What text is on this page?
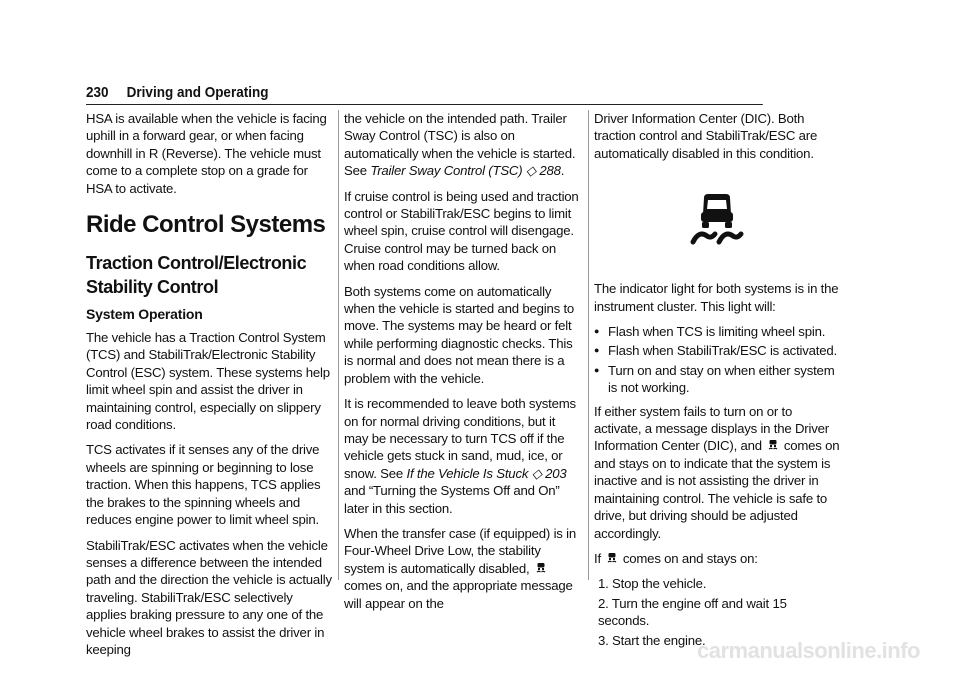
230 Driving and Operating

HSA is available when the vehicle is facing uphill in a forward gear, or when facing downhill in R (Reverse). The vehicle must come to a complete stop on a grade for HSA to activate.

Ride Control Systems
Traction Control/Electronic Stability Control
System Operation

The vehicle has a Traction Control System (TCS) and StabiliTrak/Electronic Stability Control (ESC) system. These systems help limit wheel spin and assist the driver in maintaining control, especially on slippery road conditions.

TCS activates if it senses any of the drive wheels are spinning or beginning to lose traction. When this happens, TCS applies the brakes to the spinning wheels and reduces engine power to limit wheel spin.

StabiliTrak/ESC activates when the vehicle senses a difference between the intended path and the direction the vehicle is actually traveling. StabiliTrak/ESC selectively applies braking pressure to any one of the vehicle wheel brakes to assist the driver in keeping

the vehicle on the intended path. Trailer Sway Control (TSC) is also on automatically when the vehicle is started. See Trailer Sway Control (TSC) ◇ 288.

If cruise control is being used and traction control or StabiliTrak/ESC begins to limit wheel spin, cruise control will disengage. Cruise control may be turned back on when road conditions allow.

Both systems come on automatically when the vehicle is started and begins to move. The systems may be heard or felt while performing diagnostic checks. This is normal and does not mean there is a problem with the vehicle.

It is recommended to leave both systems on for normal driving conditions, but it may be necessary to turn TCS off if the vehicle gets stuck in sand, mud, ice, or snow. See If the Vehicle Is Stuck ◇ 203 and “Turning the Systems Off and On” later in this section.

When the transfer case (if equipped) is in Four-Wheel Drive Low, the stability system is automatically disabled,  comes on, and the appropriate message will appear on the

Driver Information Center (DIC). Both traction control and StabiliTrak/ESC are automatically disabled in this condition.

The indicator light for both systems is in the instrument cluster. This light will:

● Flash when TCS is limiting wheel spin.
● Flash when StabiliTrak/ESC is activated.
● Turn on and stay on when either system is not working.

If either system fails to turn on or to activate, a message displays in the Driver Information Center (DIC), and  comes on and stays on to indicate that the system is inactive and is not assisting the driver in maintaining control. The vehicle is safe to drive, but driving should be adjusted accordingly.

If  comes on and stays on:

1. Stop the vehicle.
2. Turn the engine off and wait 15 seconds.
3. Start the engine.
carmanualsonline.info
